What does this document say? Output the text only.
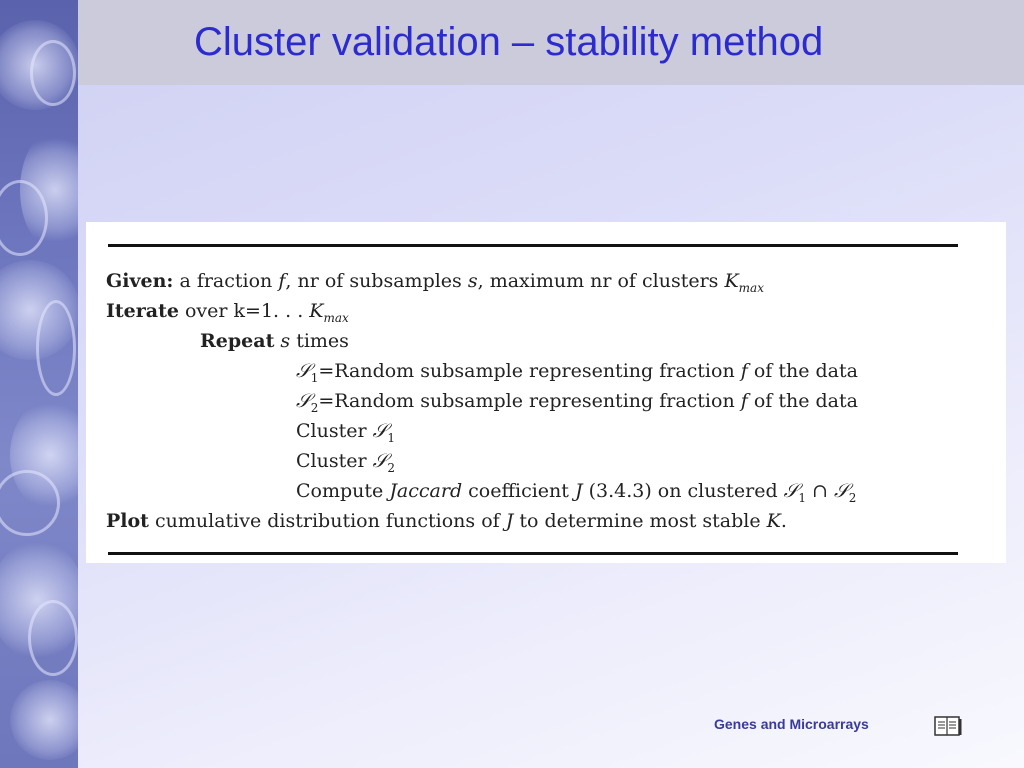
Cluster validation – stability method
Given: a fraction f, nr of subsamples s, maximum nr of clusters $K_{max}$
Iterate over k=1. . . $K_{max}$
Repeat s times
𝒮$_1$=Random subsample representing fraction f of the data
𝒮$_2$=Random subsample representing fraction f of the data
Cluster 𝒮$_1$
Cluster 𝒮$_2$
Compute Jaccard coefficient J (3.4.3) on clustered 𝒮$_1$ ∩ 𝒮$_2$
Plot cumulative distribution functions of J to determine most stable K.
Genes and Microarrays
